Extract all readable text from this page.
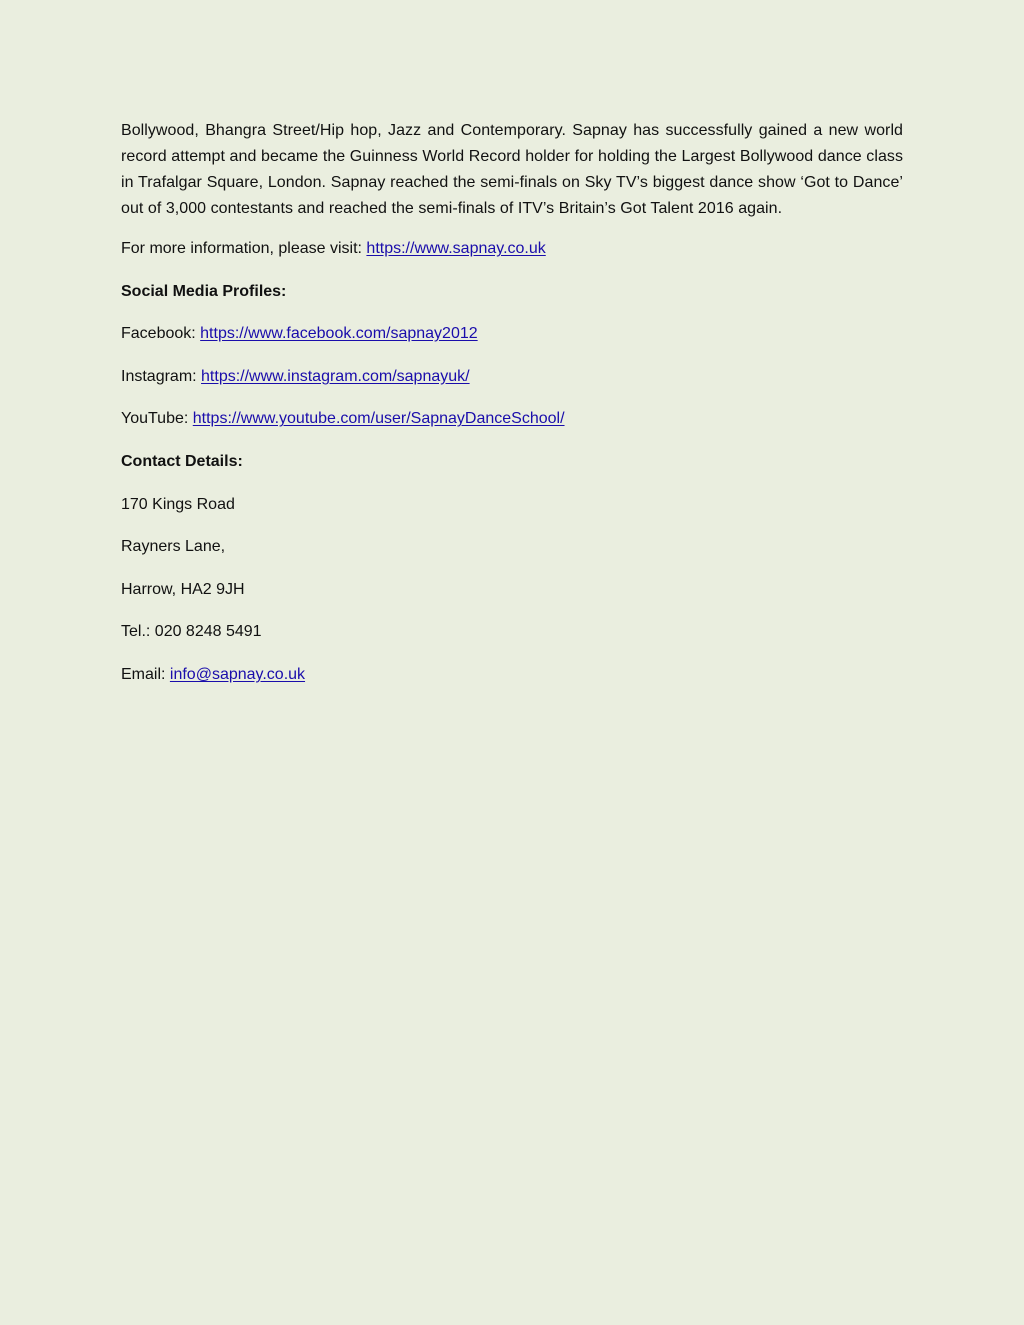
Bollywood, Bhangra Street/Hip hop, Jazz and Contemporary. Sapnay has successfully gained a new world record attempt and became the Guinness World Record holder for holding the Largest Bollywood dance class in Trafalgar Square, London. Sapnay reached the semi-finals on Sky TV’s biggest dance show ‘Got to Dance’ out of 3,000 contestants and reached the semi-finals of ITV’s Britain’s Got Talent 2016 again.

For more information, please visit: https://www.sapnay.co.uk

Social Media Profiles:

Facebook: https://www.facebook.com/sapnay2012

Instagram: https://www.instagram.com/sapnayuk/

YouTube: https://www.youtube.com/user/SapnayDanceSchool/

Contact Details:

170 Kings Road

Rayners Lane,

Harrow, HA2 9JH

Tel.: 020 8248 5491

Email: info@sapnay.co.uk
